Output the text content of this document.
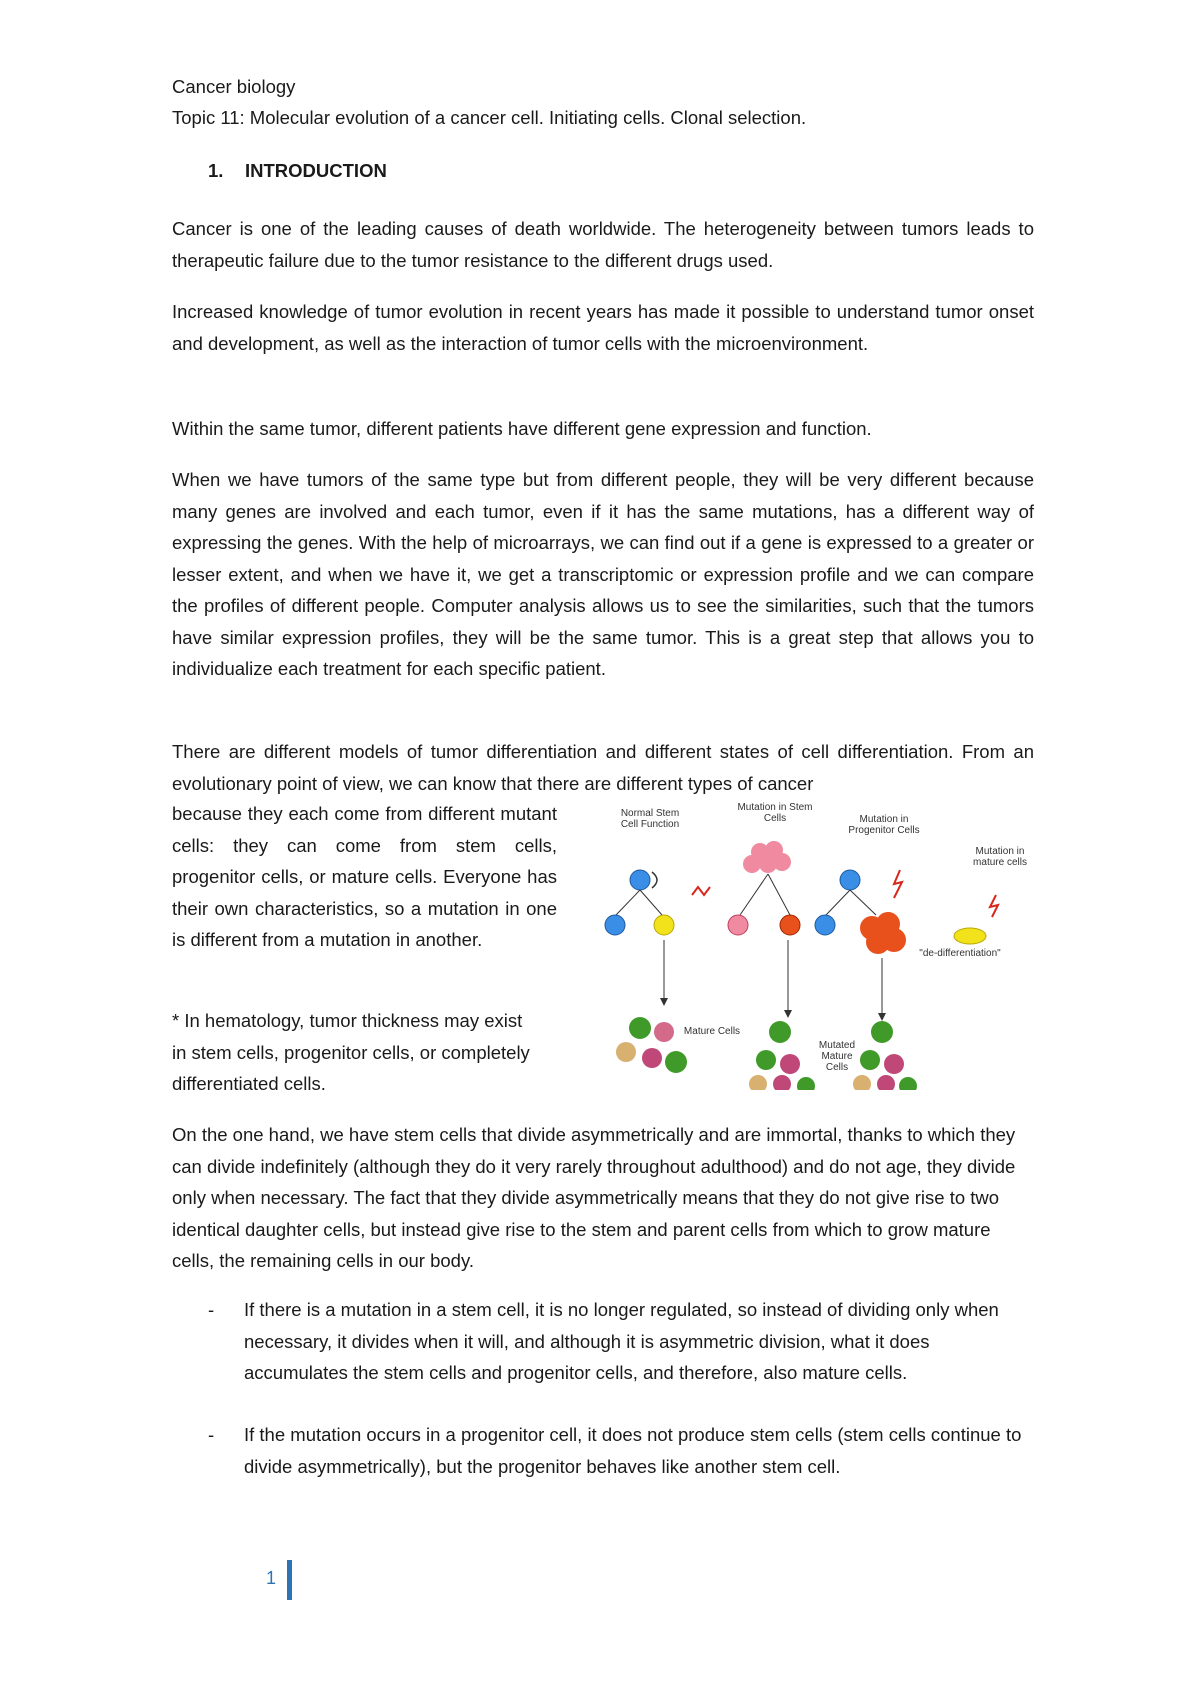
Cancer biology
Topic 11: Molecular evolution of a cancer cell. Initiating cells. Clonal selection.
1. INTRODUCTION

Cancer is one of the leading causes of death worldwide. The heterogeneity between tumors leads to therapeutic failure due to the tumor resistance to the different drugs used.

Increased knowledge of tumor evolution in recent years has made it possible to understand tumor onset and development, as well as the interaction of tumor cells with the microenvironment.

Within the same tumor, different patients have different gene expression and function.

When we have tumors of the same type but from different people, they will be very different because many genes are involved and each tumor, even if it has the same mutations, has a different way of expressing the genes. With the help of microarrays, we can find out if a gene is expressed to a greater or lesser extent, and when we have it, we get a transcriptomic or expression profile and we can compare the profiles of different people. Computer analysis allows us to see the similarities, such that the tumors have similar expression profiles, they will be the same tumor. This is a great step that allows you to individualize each treatment for each specific patient.

There are different models of tumor differentiation and different states of cell differentiation. From an evolutionary point of view, we can know that there are different types of cancer

because they each come from different mutant cells: they can come from stem cells, progenitor cells, or mature cells. Everyone has their own characteristics, so a mutation in one is different from a mutation in another.

* In hematology, tumor thickness may exist in stem cells, progenitor cells, or completely differentiated cells.

Normal Stem Cell Function
Mutation in Stem Cells	Mutation in Progenitor Cells
Mutation in mature cells
"de-differentiation"
Mature Cells
Mutated Mature Cells

On the one hand, we have stem cells that divide asymmetrically and are immortal, thanks to which they can divide indefinitely (although they do it very rarely throughout adulthood) and do not age, they divide only when necessary. The fact that they divide asymmetrically means that they do not give rise to two identical daughter cells, but instead give rise to the stem and parent cells from which to grow mature cells, the remaining cells in our body.

- If there is a mutation in a stem cell, it is no longer regulated, so instead of dividing only when necessary, it divides when it will, and although it is asymmetric division, what it does accumulates the stem cells and progenitor cells, and therefore, also mature cells.

- If the mutation occurs in a progenitor cell, it does not produce stem cells (stem cells continue to divide asymmetrically), but the progenitor behaves like another stem cell.

1
